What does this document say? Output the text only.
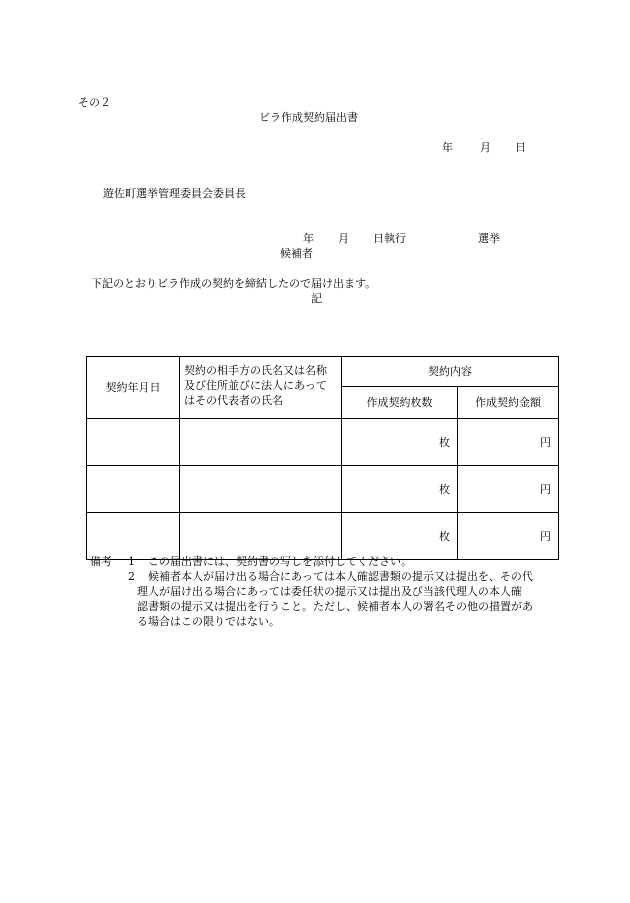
その２
ビラ作成契約届出書
年 月 日
遊佐町選挙管理委員会委員長
年 月 日執行	選挙
候補者
下記のとおりビラ作成の契約を締結したので届け出ます。
記
契約年月日	契約の相手方の氏名又は名称及び住所並びに法人にあってはその代表者の氏名	契約内容	
		作成契約枚数	作成契約金額
		枚	円
		枚	円
		枚	円
備考 1 この届出書には、契約書の写しを添付してください。
2 候補者本人が届け出る場合にあっては本人確認書類の提示又は提出を、その代
理人が届け出る場合にあっては委任状の提示又は提出及び当該代理人の本人確
認書類の提示又は提出を行うこと。ただし、候補者本人の署名その他の措置があ
る場合はこの限りではない。
